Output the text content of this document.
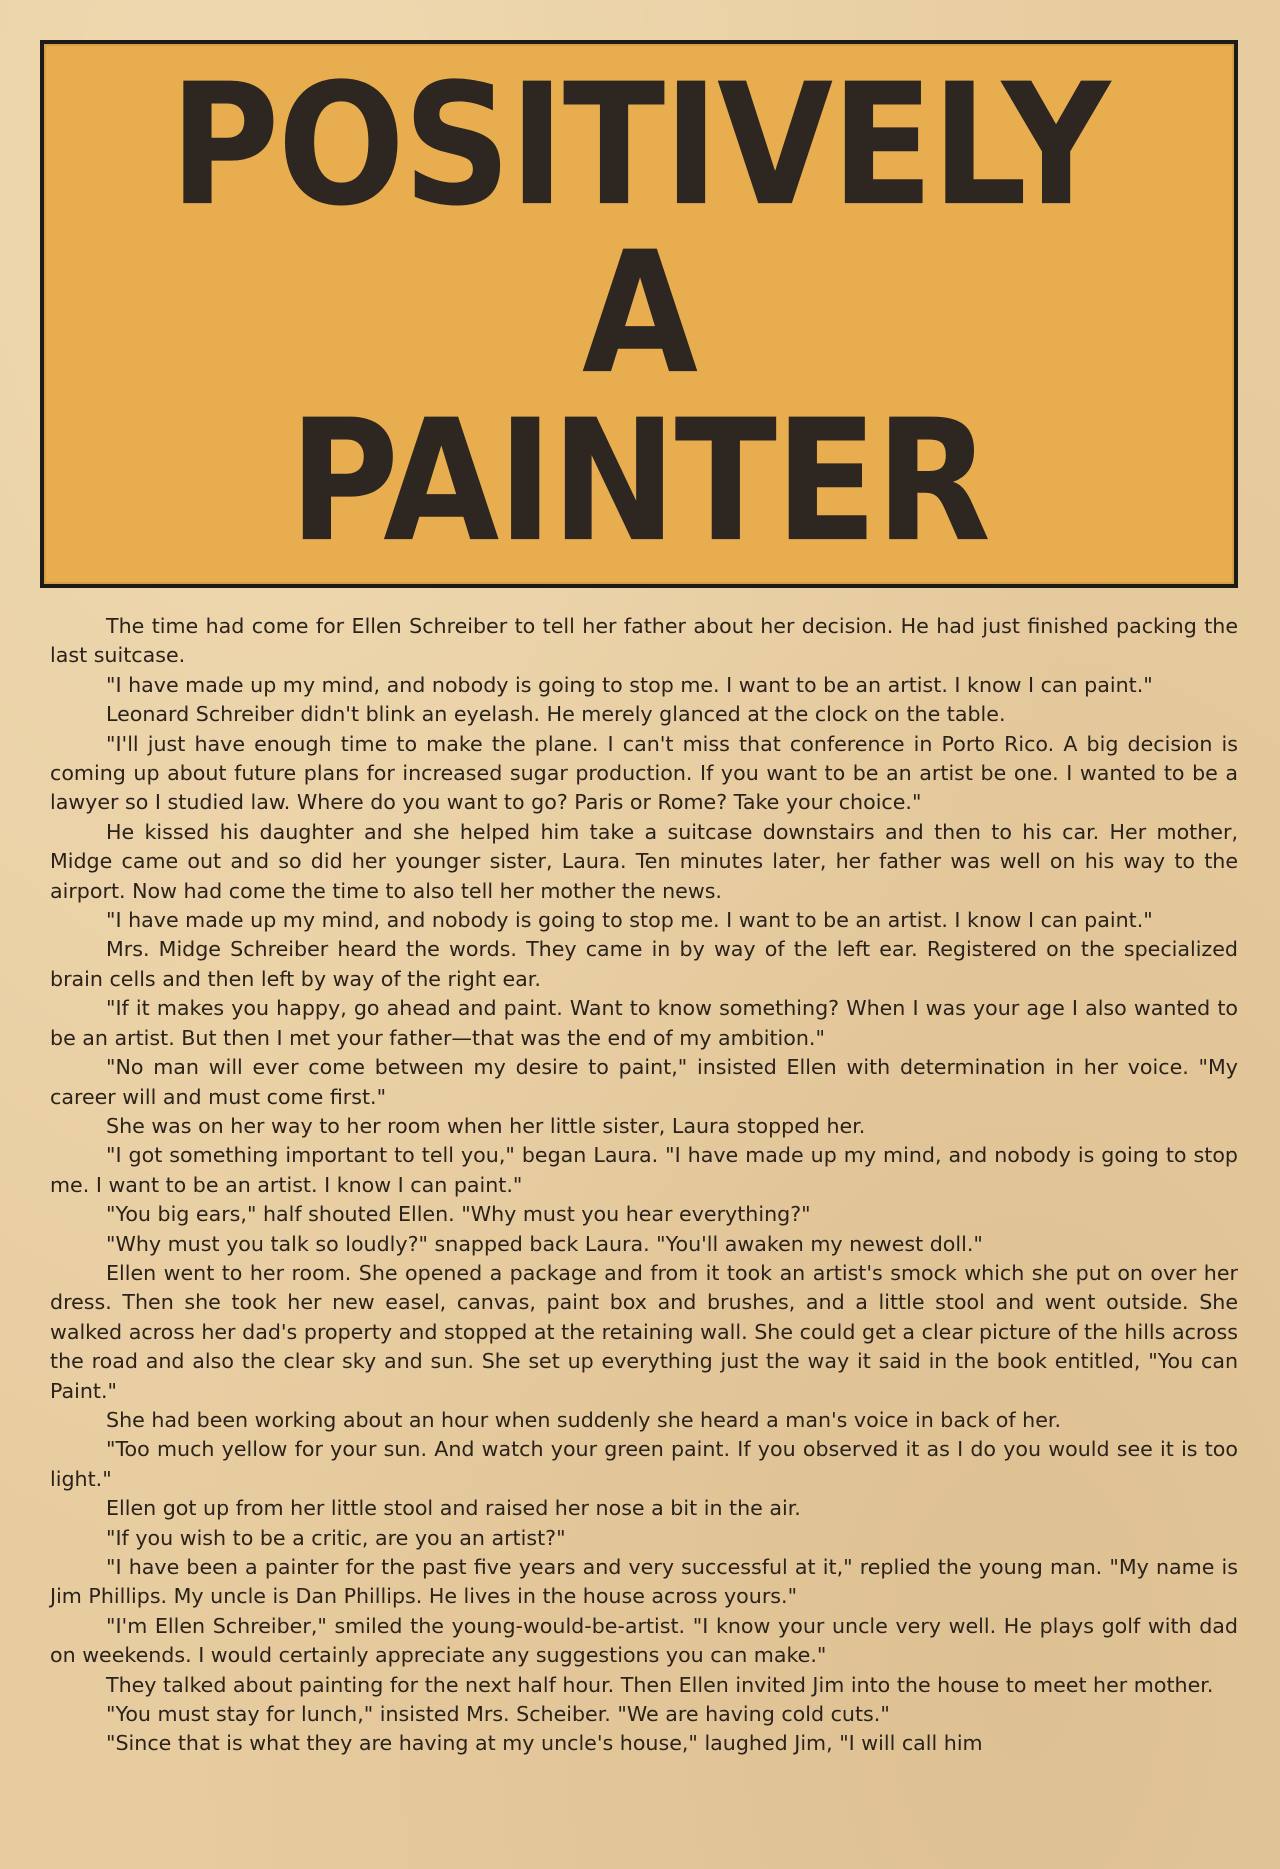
POSITIVELY
A
PAINTER

The time had come for Ellen Schreiber to tell her father about her decision. He had just finished packing the last suitcase.

"I have made up my mind, and nobody is going to stop me. I want to be an artist. I know I can paint."

Leonard Schreiber didn't blink an eyelash. He merely glanced at the clock on the table.

"I'll just have enough time to make the plane. I can't miss that conference in Porto Rico. A big decision is coming up about future plans for increased sugar production. If you want to be an artist be one. I wanted to be a lawyer so I studied law. Where do you want to go? Paris or Rome? Take your choice."

He kissed his daughter and she helped him take a suitcase downstairs and then to his car. Her mother, Midge came out and so did her younger sister, Laura. Ten minutes later, her father was well on his way to the airport. Now had come the time to also tell her mother the news.

"I have made up my mind, and nobody is going to stop me. I want to be an artist. I know I can paint."

Mrs. Midge Schreiber heard the words. They came in by way of the left ear. Registered on the specialized brain cells and then left by way of the right ear.

"If it makes you happy, go ahead and paint. Want to know something? When I was your age I also wanted to be an artist. But then I met your father—that was the end of my ambition."

"No man will ever come between my desire to paint," insisted Ellen with determination in her voice. "My career will and must come first."

She was on her way to her room when her little sister, Laura stopped her.

"I got something important to tell you," began Laura. "I have made up my mind, and nobody is going to stop me. I want to be an artist. I know I can paint."

"You big ears," half shouted Ellen. "Why must you hear everything?"

"Why must you talk so loudly?" snapped back Laura. "You'll awaken my newest doll."

Ellen went to her room. She opened a package and from it took an artist's smock which she put on over her dress. Then she took her new easel, canvas, paint box and brushes, and a little stool and went outside. She walked across her dad's property and stopped at the retaining wall. She could get a clear picture of the hills across the road and also the clear sky and sun. She set up everything just the way it said in the book entitled, "You can Paint."

She had been working about an hour when suddenly she heard a man's voice in back of her.

"Too much yellow for your sun. And watch your green paint. If you observed it as I do you would see it is too light."

Ellen got up from her little stool and raised her nose a bit in the air.

"If you wish to be a critic, are you an artist?"

"I have been a painter for the past five years and very successful at it," replied the young man. "My name is Jim Phillips. My uncle is Dan Phillips. He lives in the house across yours."

"I'm Ellen Schreiber," smiled the young-would-be-artist. "I know your uncle very well. He plays golf with dad on weekends. I would certainly appreciate any suggestions you can make."

They talked about painting for the next half hour. Then Ellen invited Jim into the house to meet her mother.

"You must stay for lunch," insisted Mrs. Scheiber. "We are having cold cuts."

"Since that is what they are having at my uncle's house," laughed Jim, "I will call him
